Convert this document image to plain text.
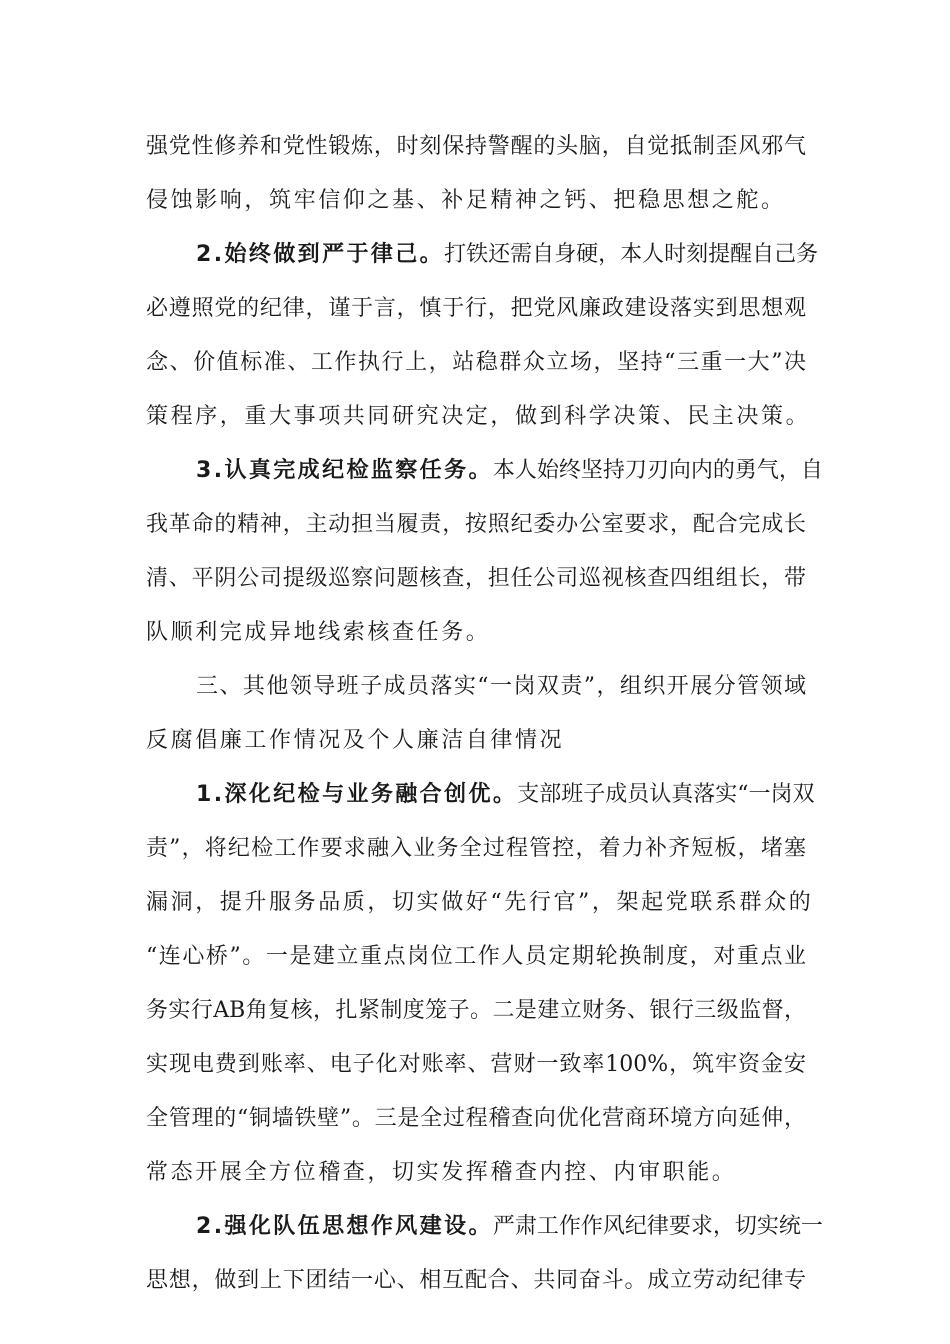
强党性修养和党性锻炼，时刻保持警醒的头脑，自觉抵制歪风邪气
侵蚀影响，筑牢信仰之基、补足精神之钙、把稳思想之舵。
2.始终做到严于律己。打铁还需自身硬，本人时刻提醒自己务
必遵照党的纪律，谨于言，慎于行，把党风廉政建设落实到思想观
念、价值标准、工作执行上，站稳群众立场，坚持“三重一大”决
策程序，重大事项共同研究决定，做到科学决策、民主决策。
3.认真完成纪检监察任务。本人始终坚持刀刃向内的勇气，自
我革命的精神，主动担当履责，按照纪委办公室要求，配合完成长
清、平阴公司提级巡察问题核查，担任公司巡视核查四组组长，带
队顺利完成异地线索核查任务。
三、其他领导班子成员落实“一岗双责”，组织开展分管领域
反腐倡廉工作情况及个人廉洁自律情况
1.深化纪检与业务融合创优。支部班子成员认真落实“一岗双
责”，将纪检工作要求融入业务全过程管控，着力补齐短板，堵塞
漏洞，提升服务品质，切实做好“先行官”，架起党联系群众的
“连心桥”。一是建立重点岗位工作人员定期轮换制度，对重点业
务实行AB角复核，扎紧制度笼子。二是建立财务、银行三级监督，
实现电费到账率、电子化对账率、营财一致率100%，筑牢资金安
全管理的“铜墙铁壁”。三是全过程稽查向优化营商环境方向延伸，
常态开展全方位稽查，切实发挥稽查内控、内审职能。
2.强化队伍思想作风建设。严肃工作作风纪律要求，切实统一
思想，做到上下团结一心、相互配合、共同奋斗。成立劳动纪律专
